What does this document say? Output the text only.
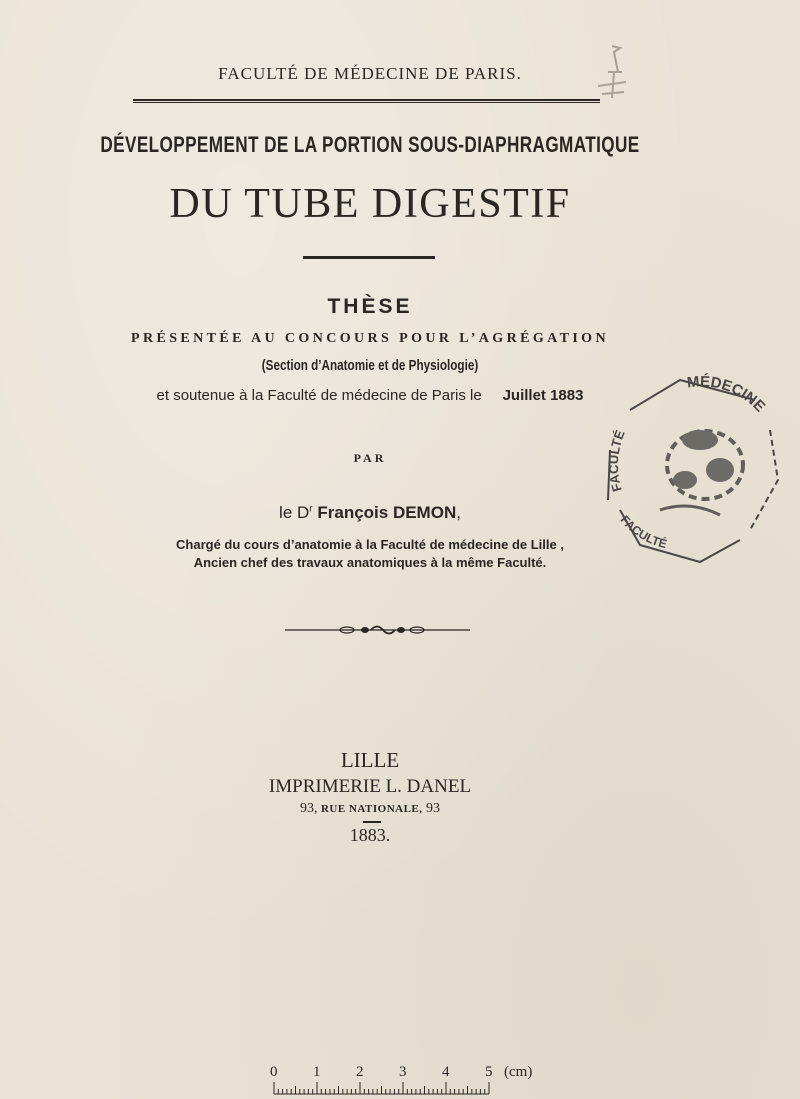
FACULTÉ DE MÉDECINE DE PARIS.
DÉVELOPPEMENT DE LA PORTION SOUS-DIAPHRAGMATIQUE
DU TUBE DIGESTIF
THÈSE
PRÉSENTÉE AU CONCOURS POUR L’AGRÉGATION
(Section d’Anatomie et de Physiologie)
et soutenue à la Faculté de médecine de Paris le Juillet 1883
PAR
le $D^r$ François DEMON,
Chargé du cours d’anatomie à la Faculté de médecine de Lille ,
Ancien chef des travaux anatomiques à la même Faculté.
LILLE
IMPRIMERIE L. DANEL
93, RUE NATIONALE, 93
1883.
MÉDECINE
FACULTÉ
FACULTÉ
0 1 2 3 4 5 (cm)
